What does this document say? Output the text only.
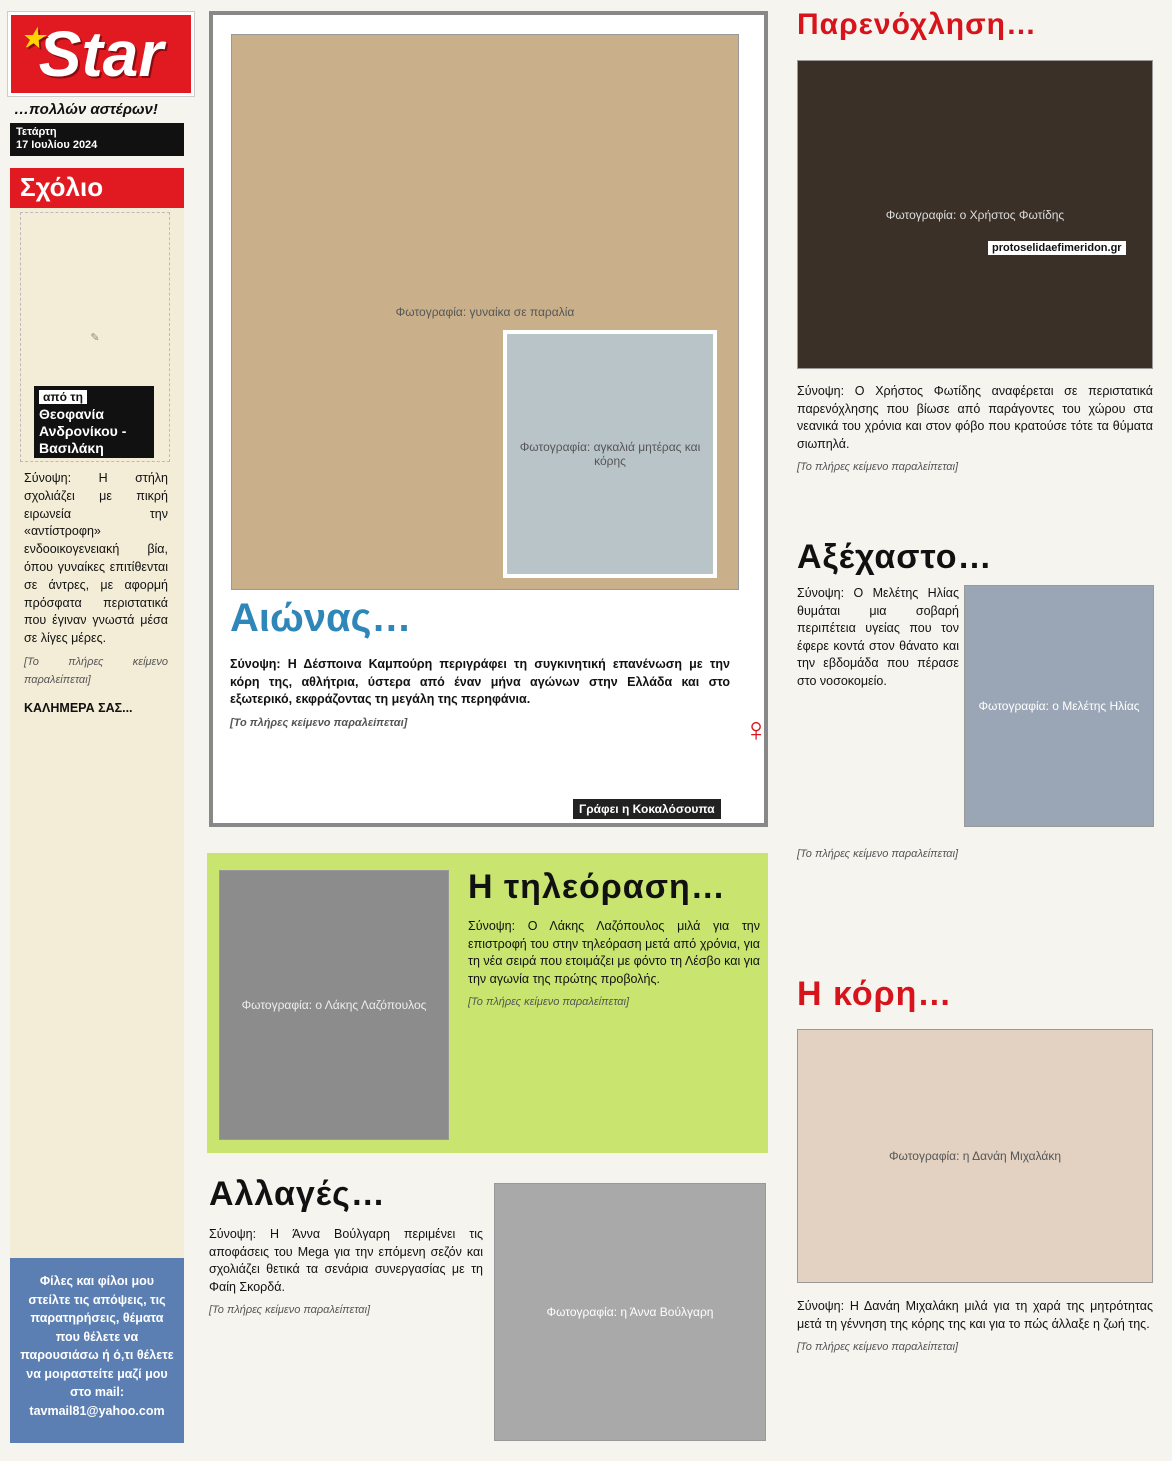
★
Star
…πολλών αστέρων!
Τετάρτη
17 Ιουλίου 2024
Σχόλιο
✎
από τη
Θεοφανία Ανδρονίκου - Βασιλάκη
Σύνοψη: Η στήλη σχολιάζει με πικρή ειρωνεία την «αντίστροφη» ενδοοικογενειακή βία, όπου γυναίκες επιτίθενται σε άντρες, με αφορμή πρόσφατα περιστατικά που έγιναν γνωστά μέσα σε λίγες μέρες.
[Το πλήρες κείμενο παραλείπεται]
ΚΑΛΗΜΕΡΑ ΣΑΣ...
Φίλες και φίλοι μου στείλτε τις απόψεις, τις παρατηρήσεις, θέματα που θέλετε να παρουσιάσω ή ό,τι θέλετε να μοιραστείτε μαζί μου στο mail:
tavmail81@yahoo.com
Φωτογραφία: γυναίκα σε παραλία
Φωτογραφία: αγκαλιά μητέρας και κόρης
Αιώνας…
Σύνοψη: Η Δέσποινα Καμπούρη περιγράφει τη συγκινητική επανένωση με την κόρη της, αθλήτρια, ύστερα από έναν μήνα αγώνων στην Ελλάδα και στο εξωτερικό, εκφράζοντας τη μεγάλη της περηφάνια.
[Το πλήρες κείμενο παραλείπεται]	♀
Γράφει η Κοκαλόσουπα
Φωτογραφία: ο Λάκης Λαζόπουλος
Η τηλεόραση…
Σύνοψη: Ο Λάκης Λαζόπουλος μιλά για την επιστροφή του στην τηλεόραση μετά από χρόνια, για τη νέα σειρά που ετοιμάζει με φόντο τη Λέσβο και για την αγωνία της πρώτης προβολής.
[Το πλήρες κείμενο παραλείπεται]
Αλλαγές…
Σύνοψη: Η Άννα Βούλγαρη περιμένει τις αποφάσεις του Mega για την επόμενη σεζόν και σχολιάζει θετικά τα σενάρια συνεργασίας με τη Φαίη Σκορδά.
[Το πλήρες κείμενο παραλείπεται]	Φωτογραφία: η Άννα Βούλγαρη
Παρενόχληση…
Φωτογραφία: ο Χρήστος Φωτίδης
protoselidaefimeridon.gr
Σύνοψη: Ο Χρήστος Φωτίδης αναφέρεται σε περιστατικά παρενόχλησης που βίωσε από παράγοντες του χώρου στα νεανικά του χρόνια και στον φόβο που κρατούσε τότε τα θύματα σιωπηλά.
[Το πλήρες κείμενο παραλείπεται]
Αξέχαστο…
Σύνοψη: Ο Μελέτης Ηλίας θυμάται μια σοβαρή περιπέτεια υγείας που τον έφερε κοντά στον θάνατο και την εβδομάδα που πέρασε στο νοσοκομείο.
Φωτογραφία: ο Μελέτης Ηλίας
[Το πλήρες κείμενο παραλείπεται]
Η κόρη…
Φωτογραφία: η Δανάη Μιχαλάκη
Σύνοψη: Η Δανάη Μιχαλάκη μιλά για τη χαρά της μητρότητας μετά τη γέννηση της κόρης της και για το πώς άλλαξε η ζωή της.
[Το πλήρες κείμενο παραλείπεται]
